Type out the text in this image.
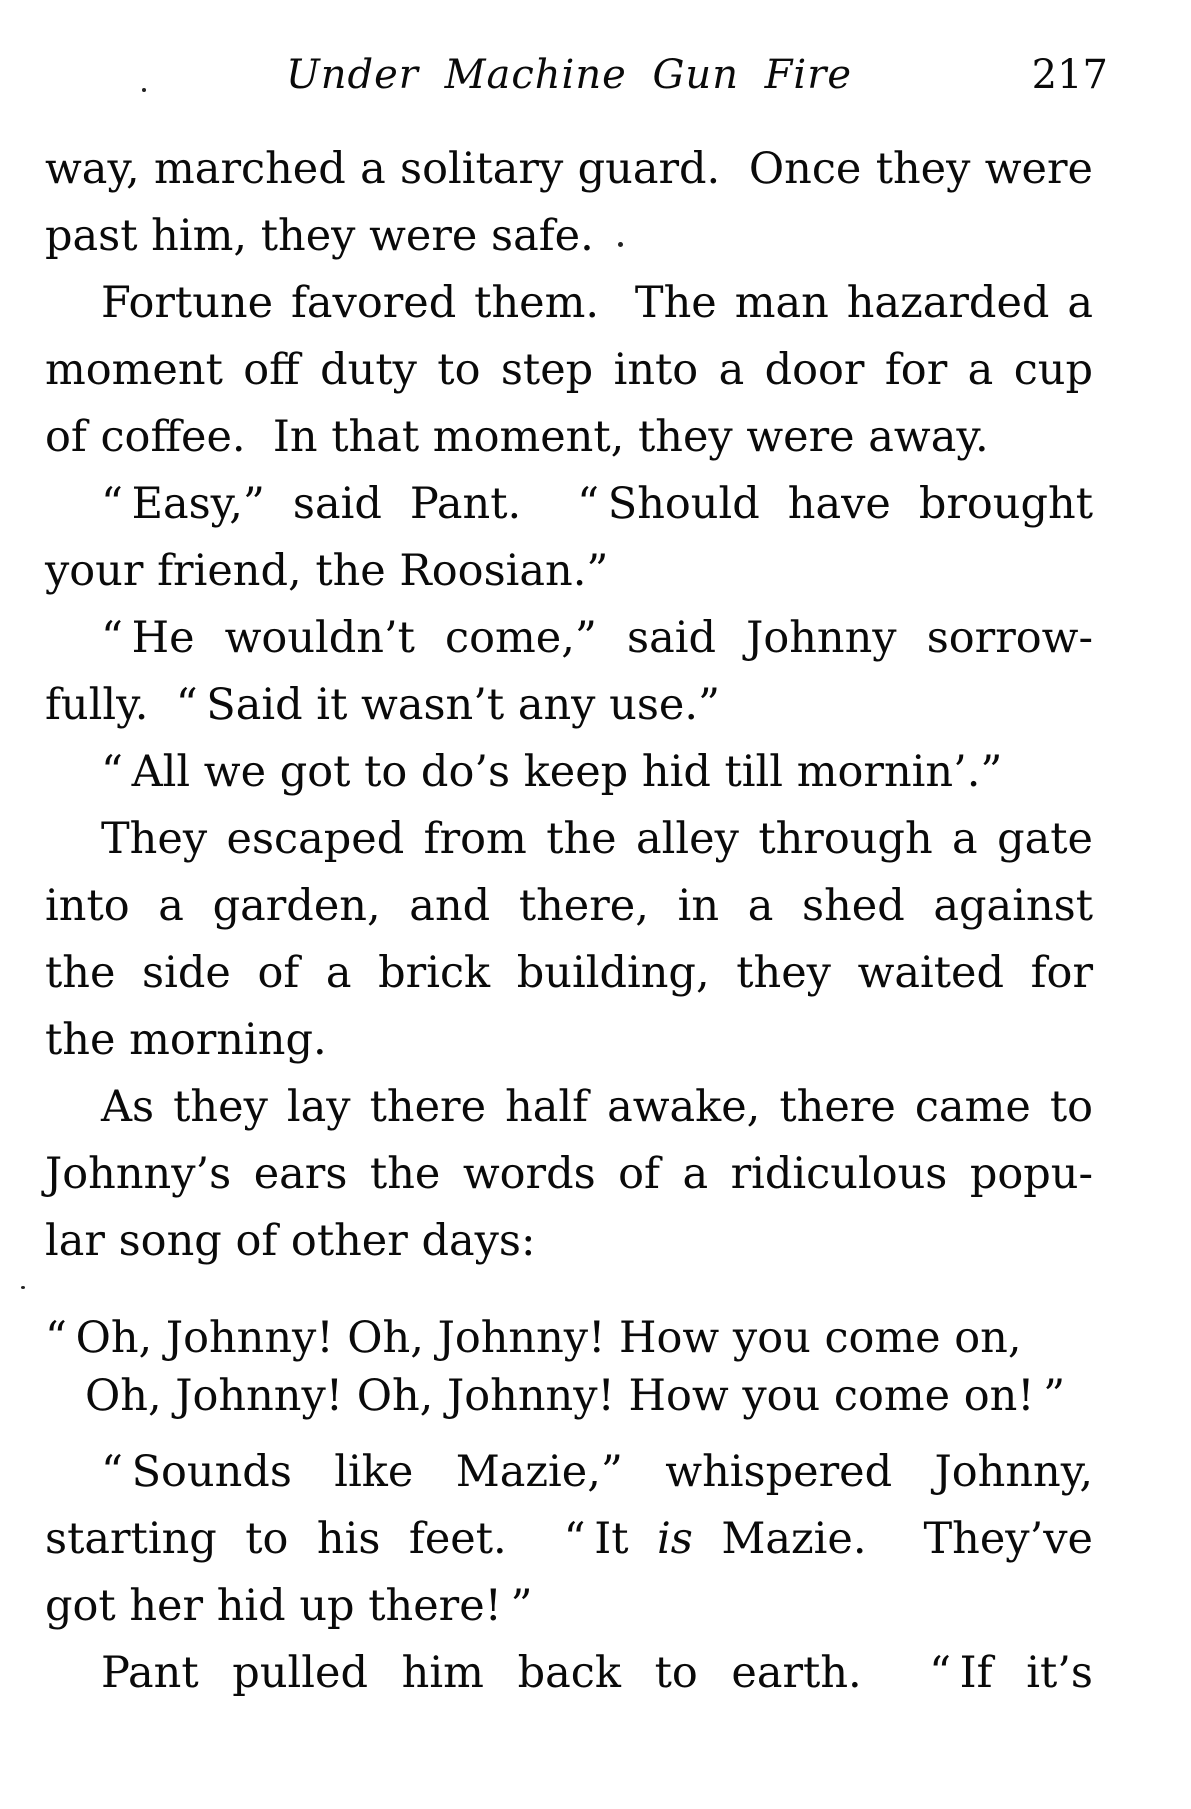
Under Machine Gun Fire	217
way, marched a solitary guard.  Once they were
past him, they were safe.
Fortune favored them.  The man hazarded a
moment off duty to step into a door for a cup
of coffee.  In that moment, they were away.
“ Easy,” said Pant.  “ Should have brought
your friend, the Roosian.”
“ He wouldn’t come,” said Johnny sorrow-
fully.  “ Said it wasn’t any use.”
“ All we got to do’s keep hid till mornin’.”
They escaped from the alley through a gate
into a garden, and there, in a shed against
the side of a brick building, they waited for
the morning.
As they lay there half awake, there came to
Johnny’s ears the words of a ridiculous popu-
lar song of other days:
“ Oh, Johnny! Oh, Johnny! How you come on,
Oh, Johnny! Oh, Johnny! How you come on! ”
“ Sounds like Mazie,” whispered Johnny,
starting to his feet.  “ It is Mazie.  They’ve
got her hid up there! ”
Pant pulled him back to earth.  “ If it’s
